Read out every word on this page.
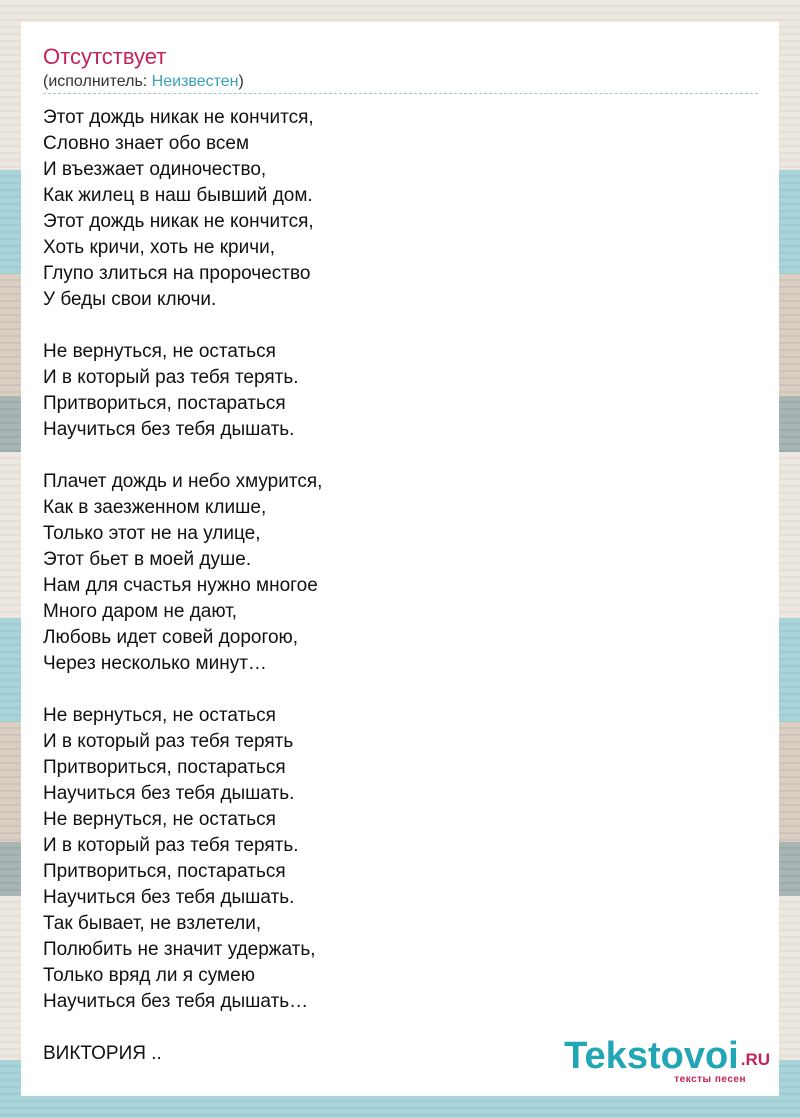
Отсутствует
(исполнитель: Неизвестен)
Этот дождь никак не кончится,
Словно знает обо всем
И въезжает одиночество,
Как жилец в наш бывший дом.
Этот дождь никак не кончится,
Хоть кричи, хоть не кричи,
Глупо злиться на пророчество
У беды свои ключи.
Не вернуться, не остаться
И в который раз тебя терять.
Притвориться, постараться
Научиться без тебя дышать.
Плачет дождь и небо хмурится,
Как в заезженном клише,
Только этот не на улице,
Этот бьет в моей душе.
Нам для счастья нужно многое
Много даром не дают,
Любовь идет совей дорогою,
Через несколько минут…
Не вернуться, не остаться
И в который раз тебя терять
Притвориться, постараться
Научиться без тебя дышать.
Не вернуться, не остаться
И в который раз тебя терять.
Притвориться, постараться
Научиться без тебя дышать.
Так бывает, не взлетели,
Полюбить не значит удержать,
Только вряд ли я сумею
Научиться без тебя дышать…
ВИКТОРИЯ ..	Tekstovoi .RU
тексты песен
